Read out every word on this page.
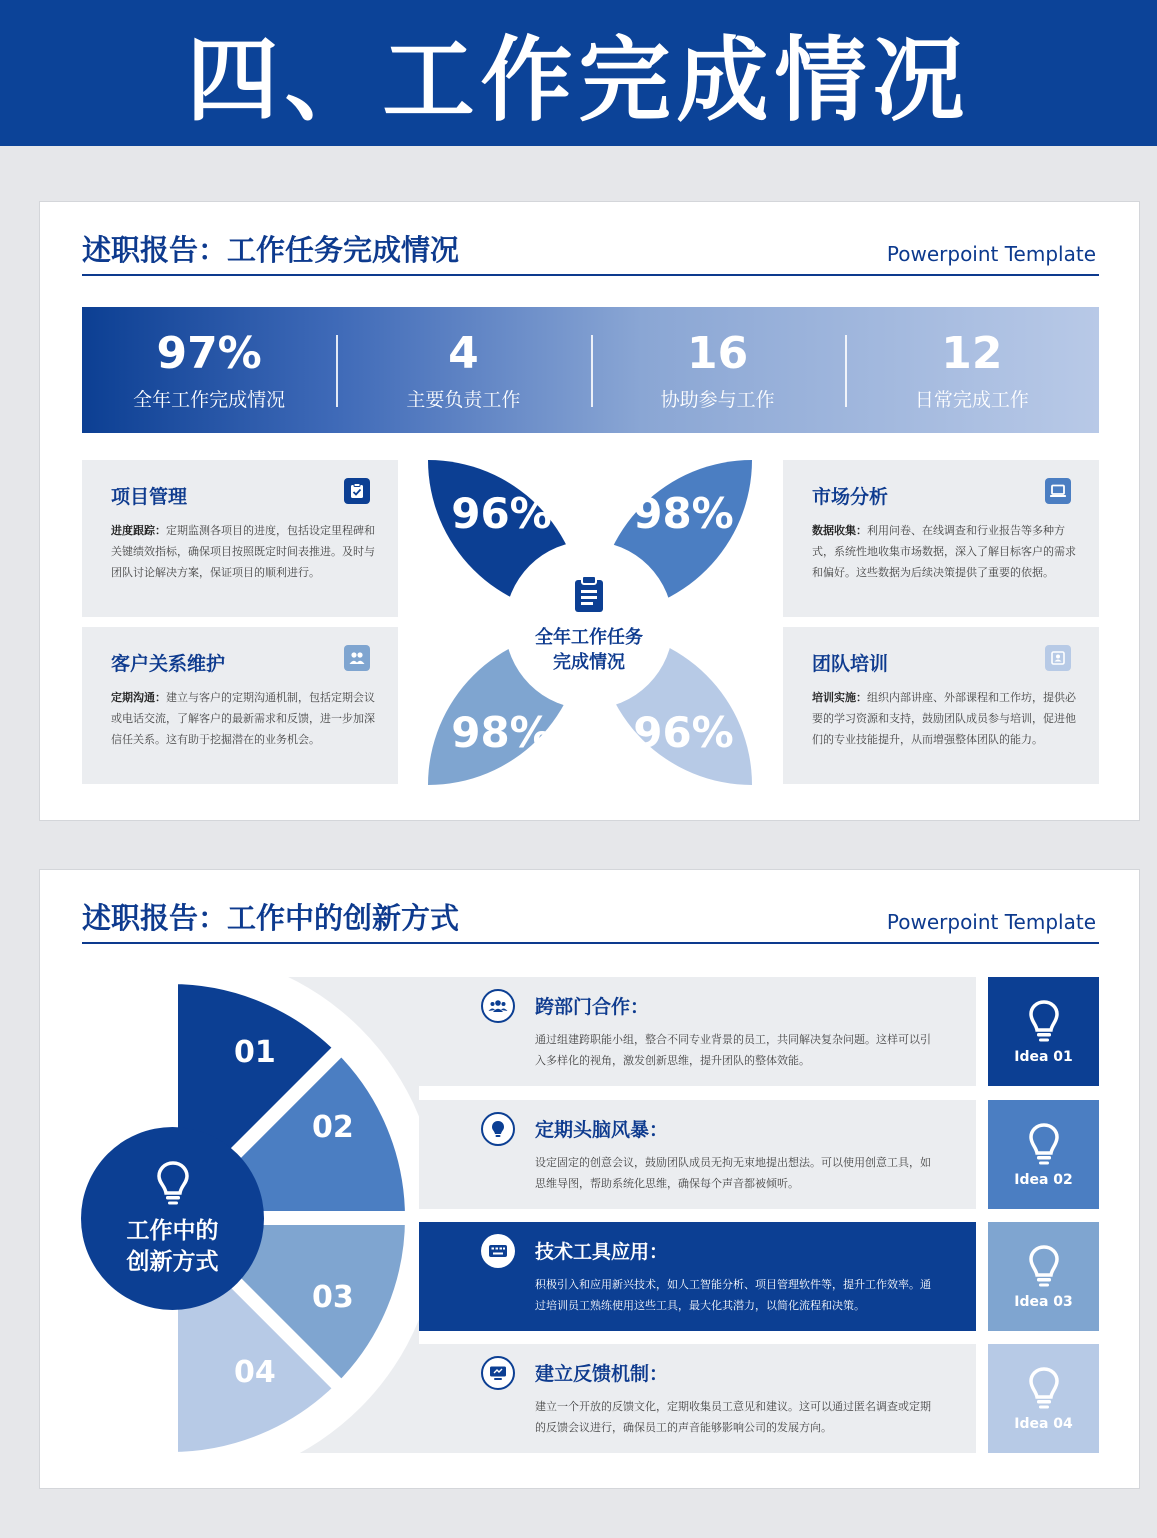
四、工作完成情况
述职报告：工作任务完成情况	Powerpoint Template
97%
全年工作完成情况
4
主要负责工作
16
协助参与工作
12
日常完成工作
项目管理
进度跟踪：定期监测各项目的进度，包括设定里程碑和关键绩效指标，确保项目按照既定时间表推进。及时与团队讨论解决方案，保证项目的顺利进行。
客户关系维护
定期沟通：建立与客户的定期沟通机制，包括定期会议或电话交流，了解客户的最新需求和反馈，进一步加深信任关系。这有助于挖掘潜在的业务机会。
市场分析
数据收集：利用问卷、在线调查和行业报告等多种方式，系统性地收集市场数据，深入了解目标客户的需求和偏好。这些数据为后续决策提供了重要的依据。
团队培训
培训实施：组织内部讲座、外部课程和工作坊，提供必要的学习资源和支持，鼓励团队成员参与培训，促进他们的专业技能提升，从而增强整体团队的能力。
96% 98%
98% 96%
全年工作任务
完成情况
述职报告：工作中的创新方式	Powerpoint Template
01
02
03
04
工作中的
创新方式
跨部门合作：
通过组建跨职能小组，整合不同专业背景的员工，共同解决复杂问题。这样可以引入多样化的视角，激发创新思维，提升团队的整体效能。	Idea 01
定期头脑风暴：
设定固定的创意会议，鼓励团队成员无拘无束地提出想法。可以使用创意工具，如思维导图，帮助系统化思维，确保每个声音都被倾听。	Idea 02
技术工具应用：
积极引入和应用新兴技术，如人工智能分析、项目管理软件等，提升工作效率。通过培训员工熟练使用这些工具，最大化其潜力，以简化流程和决策。	Idea 03
建立反馈机制：
建立一个开放的反馈文化，定期收集员工意见和建议。这可以通过匿名调查或定期的反馈会议进行，确保员工的声音能够影响公司的发展方向。	Idea 04
